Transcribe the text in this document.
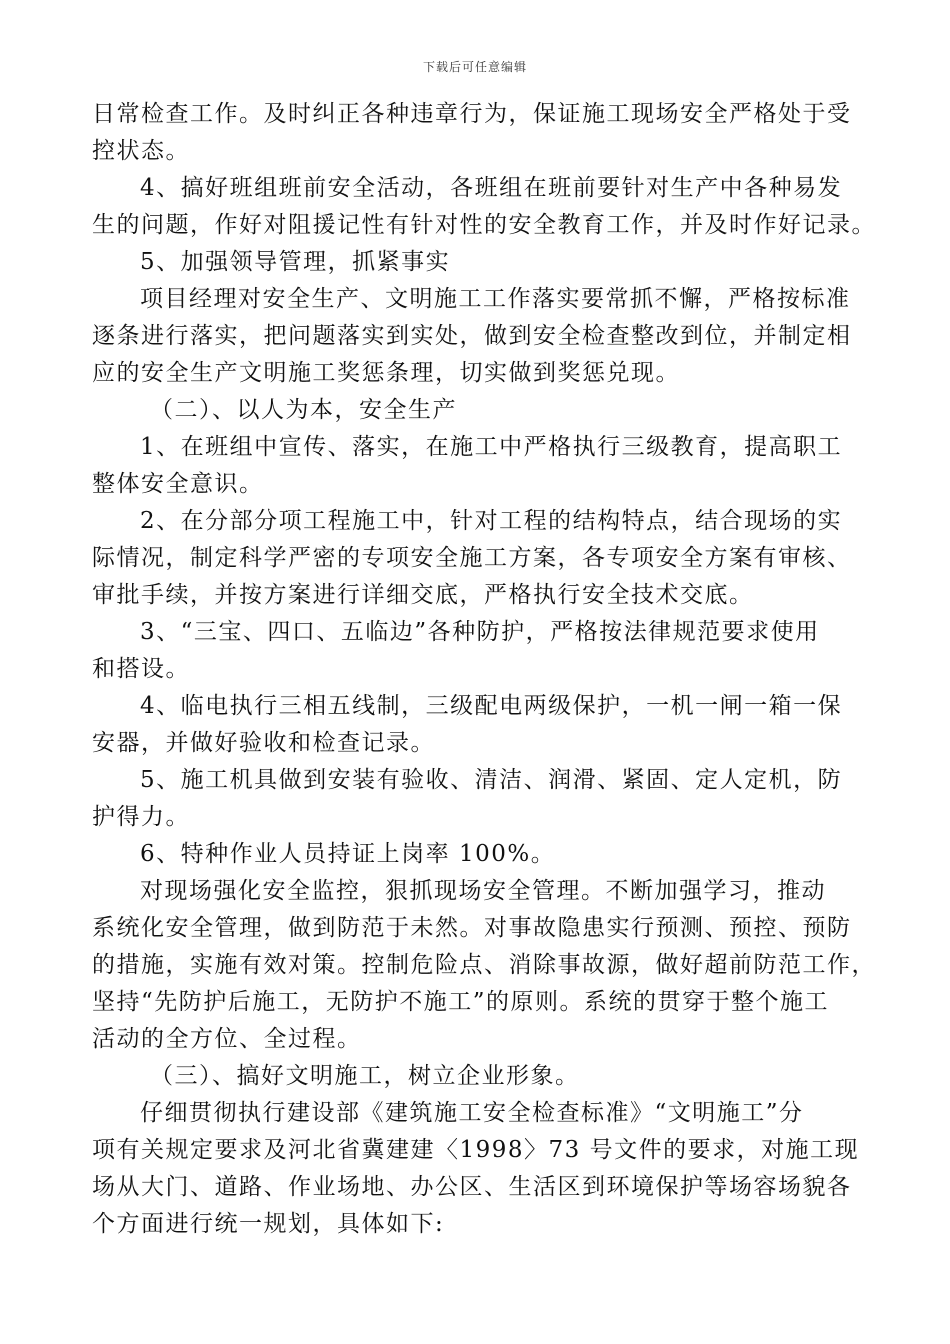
下载后可任意编辑
日常检查工作。及时纠正各种违章行为，保证施工现场安全严格处于受
控状态。
4、搞好班组班前安全活动，各班组在班前要针对生产中各种易发
生的问题，作好对阻援记性有针对性的安全教育工作，并及时作好记录。
5、加强领导管理，抓紧事实
项目经理对安全生产、文明施工工作落实要常抓不懈，严格按标准
逐条进行落实，把问题落实到实处，做到安全检查整改到位，并制定相
应的安全生产文明施工奖惩条理，切实做到奖惩兑现。
（二）、以人为本，安全生产
1、在班组中宣传、落实，在施工中严格执行三级教育，提高职工
整体安全意识。
2、在分部分项工程施工中，针对工程的结构特点，结合现场的实
际情况，制定科学严密的专项安全施工方案，各专项安全方案有审核、
审批手续，并按方案进行详细交底，严格执行安全技术交底。
3、“三宝、四口、五临边”各种防护，严格按法律规范要求使用
和搭设。
4、临电执行三相五线制，三级配电两级保护，一机一闸一箱一保
安器，并做好验收和检查记录。
5、施工机具做到安装有验收、清洁、润滑、紧固、定人定机，防
护得力。
6、特种作业人员持证上岗率 100%。
对现场强化安全监控，狠抓现场安全管理。不断加强学习，推动
系统化安全管理，做到防范于未然。对事故隐患实行预测、预控、预防
的措施，实施有效对策。控制危险点、消除事故源，做好超前防范工作，
坚持“先防护后施工，无防护不施工”的原则。系统的贯穿于整个施工
活动的全方位、全过程。
（三）、搞好文明施工，树立企业形象。
仔细贯彻执行建设部《建筑施工安全检查标准》“文明施工”分
项有关规定要求及河北省冀建建〈1998〉73 号文件的要求，对施工现
场从大门、道路、作业场地、办公区、生活区到环境保护等场容场貌各
个方面进行统一规划，具体如下:
